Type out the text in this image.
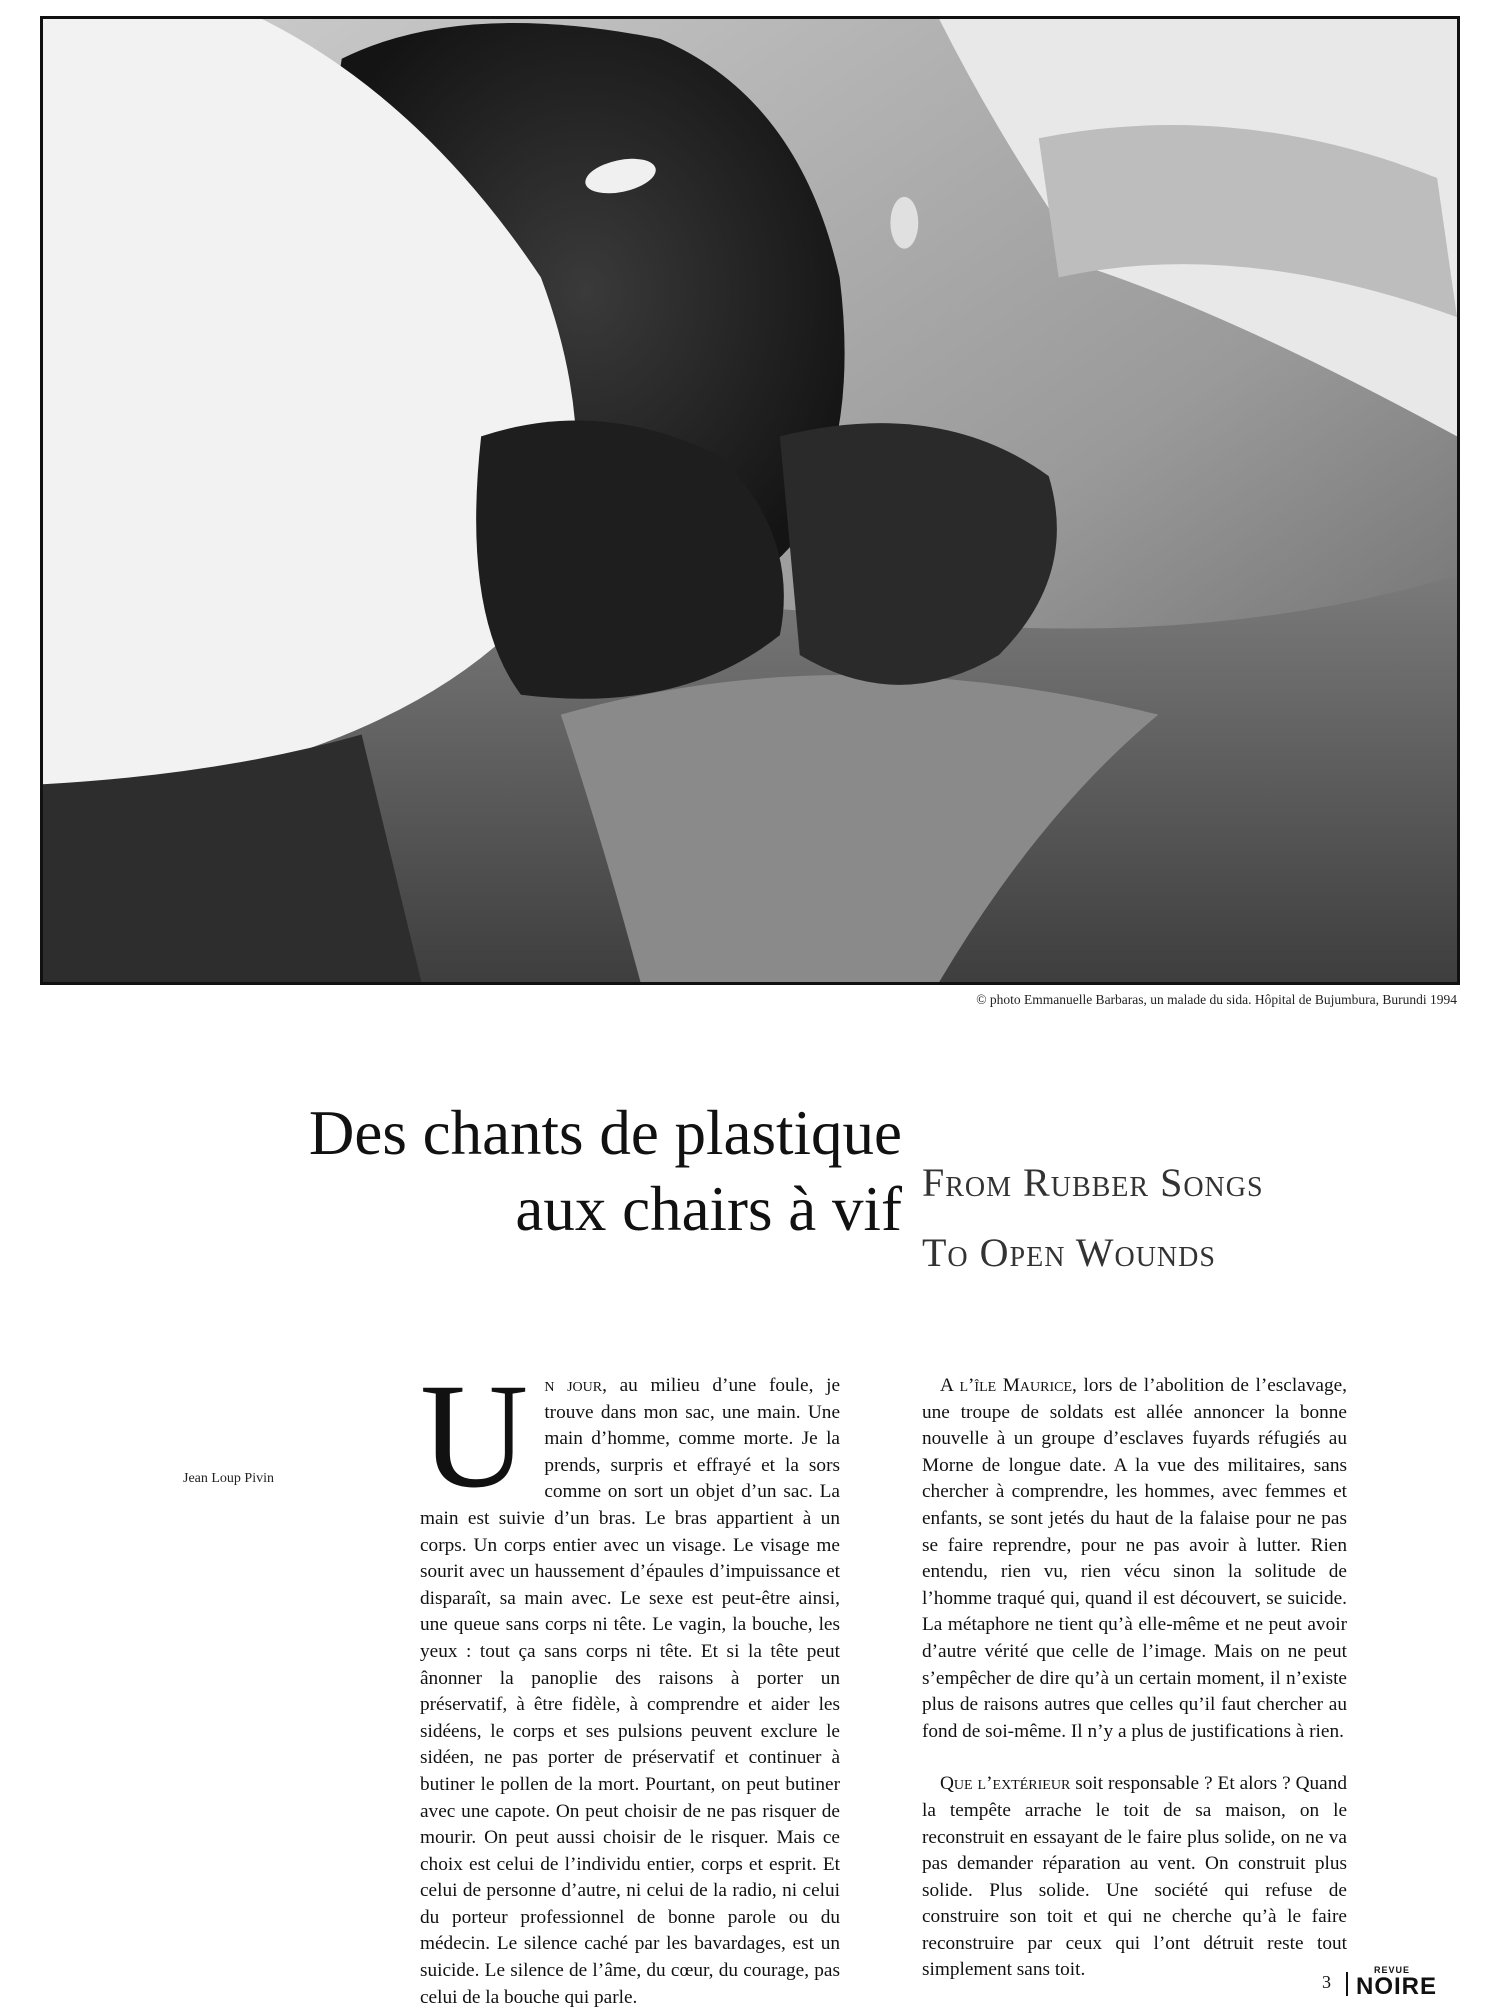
© photo Emmanuelle Barbaras, un malade du sida. Hôpital de Bujumbura, Burundi 1994
Des chants de plastique
aux chairs à vif From Rubber Songs
To Open Wounds
Jean Loup Pivin Un jour, au milieu d’une foule, je trouve dans mon sac, une main. Une main d’homme, comme morte. Je la prends, surpris et effrayé et la sors comme on sort un objet d’un sac. La main est suivie d’un bras. Le bras appartient à un corps. Un corps entier avec un visage. Le visage me sourit avec un haussement d’épaules d’impuissance et disparaît, sa main avec. Le sexe est peut-être ainsi, une queue sans corps ni tête. Le vagin, la bouche, les yeux : tout ça sans corps ni tête. Et si la tête peut ânonner la panoplie des raisons à porter un préservatif, à être fidèle, à comprendre et aider les sidéens, le corps et ses pulsions peuvent exclure le sidéen, ne pas porter de préservatif et continuer à butiner le pollen de la mort. Pourtant, on peut butiner avec une capote. On peut choisir de ne pas risquer de mourir. On peut aussi choisir de le risquer. Mais ce choix est celui de l’individu entier, corps et esprit. Et celui de personne d’autre, ni celui de la radio, ni celui du porteur professionnel de bonne parole ou du médecin. Le silence caché par les bavardages, est un suicide. Le silence de l’âme, du cœur, du courage, pas celui de la bouche qui parle.

A l’île Maurice, lors de l’abolition de l’esclavage, une troupe de soldats est allée annoncer la bonne nouvelle à un groupe d’esclaves fuyards réfugiés au Morne de longue date. A la vue des militaires, sans chercher à comprendre, les hommes, avec femmes et enfants, se sont jetés du haut de la falaise pour ne pas se faire reprendre, pour ne pas avoir à lutter. Rien entendu, rien vu, rien vécu sinon la solitude de l’homme traqué qui, quand il est découvert, se suicide. La métaphore ne tient qu’à elle-même et ne peut avoir d’autre vérité que celle de l’image. Mais on ne peut s’empêcher de dire qu’à un certain moment, il n’existe plus de raisons autres que celles qu’il faut chercher au fond de soi-même. Il n’y a plus de justifications à rien.

Que l’extérieur soit responsable ? Et alors ? Quand la tempête arrache le toit de sa maison, on le reconstruit en essayant de le faire plus solide, on ne va pas demander réparation au vent. On construit plus solide. Plus solide. Une société qui refuse de construire son toit et qui ne cherche qu’à le faire reconstruire par ceux qui l’ont détruit reste tout simplement sans toit.

3
REVUE
NOIRE
